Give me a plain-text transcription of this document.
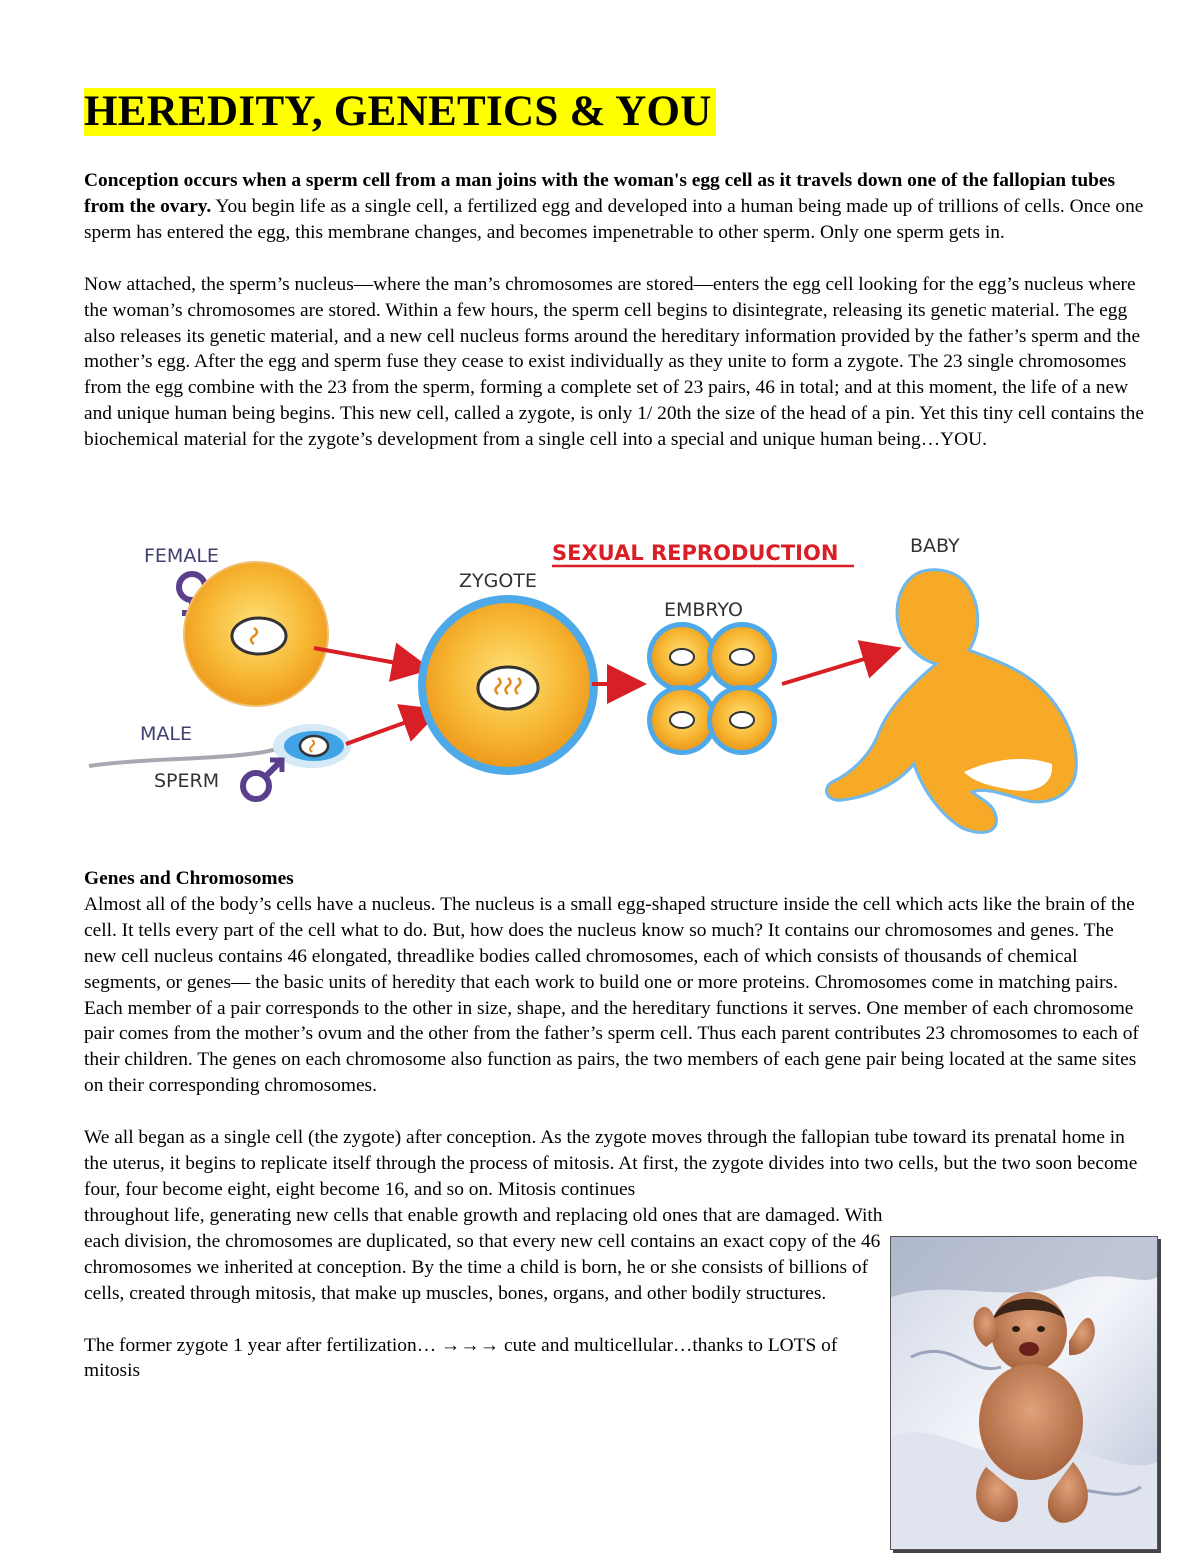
HEREDITY, GENETICS & YOU

Conception occurs when a sperm cell from a man joins with the woman's egg cell as it travels down one of the fallopian tubes from the ovary. You begin life as a single cell, a fertilized egg and developed into a human being made up of trillions of cells. Once one sperm has entered the egg, this membrane changes, and becomes impenetrable to other sperm. Only one sperm gets in.

Now attached, the sperm’s nucleus—where the man’s chromosomes are stored—enters the egg cell looking for the egg’s nucleus where the woman’s chromosomes are stored. Within a few hours, the sperm cell begins to disintegrate, releasing its genetic material. The egg also releases its genetic material, and a new cell nucleus forms around the hereditary information provided by the father’s sperm and the mother’s egg. After the egg and sperm fuse they cease to exist individually as they unite to form a zygote. The 23 single chromosomes from the egg combine with the 23 from the sperm, forming a complete set of 23 pairs, 46 in total; and at this moment, the life of a new and unique human being begins. This new cell, called a zygote, is only 1/ 20th the size of the head of a pin. Yet this tiny cell contains the biochemical material for the zygote’s development from a single cell into a special and unique human being…YOU.

FEMALE
MALE
SPERM
ZYGOTE
EMBRYO
BABY
SEXUAL REPRODUCTION

Genes and Chromosomes

Almost all of the body’s cells have a nucleus. The nucleus is a small egg-shaped structure inside the cell which acts like the brain of the cell. It tells every part of the cell what to do. But, how does the nucleus know so much? It contains our chromosomes and genes. The new cell nucleus contains 46 elongated, threadlike bodies called chromosomes, each of which consists of thousands of chemical segments, or genes— the basic units of heredity that each work to build one or more proteins. Chromosomes come in matching pairs. Each member of a pair corresponds to the other in size, shape, and the hereditary functions it serves. One member of each chromosome pair comes from the mother’s ovum and the other from the father’s sperm cell. Thus each parent contributes 23 chromosomes to each of their children. The genes on each chromosome also function as pairs, the two members of each gene pair being located at the same sites on their corresponding chromosomes.

We all began as a single cell (the zygote) after conception. As the zygote moves through the fallopian tube toward its prenatal home in the uterus, it begins to replicate itself through the process of mitosis. At first, the zygote divides into two cells, but the two soon become four, four become eight, eight become 16, and so on. Mitosis continues

throughout life, generating new cells that enable growth and replacing old ones that are damaged. With each division, the chromosomes are duplicated, so that every new cell contains an exact copy of the 46 chromosomes we inherited at conception. By the time a child is born, he or she consists of billions of cells, created through mitosis, that make up muscles, bones, organs, and other bodily structures.

The former zygote 1 year after fertilization… →→→ cute and multicellular…thanks to LOTS of mitosis
